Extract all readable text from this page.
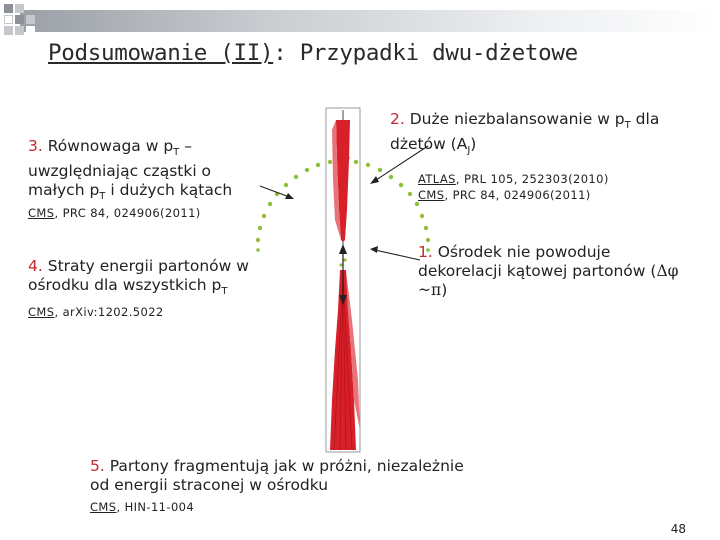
Podsumowanie (II): Przypadki dwu-dżetowe
3. Równowaga w $p_T$ – uwzględniając cząstki o małych $p_T$ i dużych kątach
CMS, PRC 84, 024906(2011)
2. Duże niezbalansowanie w $p_T$ dla dżetów $(A_J)$
ATLAS, PRL 105, 252303(2010)
CMS, PRC 84, 024906(2011)
4. Straty energii partonów w ośrodku dla wszystkich $p_T$
CMS, arXiv:1202.5022
1. Ośrodek nie powoduje dekorelacji kątowej partonów (Δφ ~π)
5. Partony fragmentują jak w próżni, niezależnie od energii straconej w ośrodku
CMS, HIN-11-004
48
